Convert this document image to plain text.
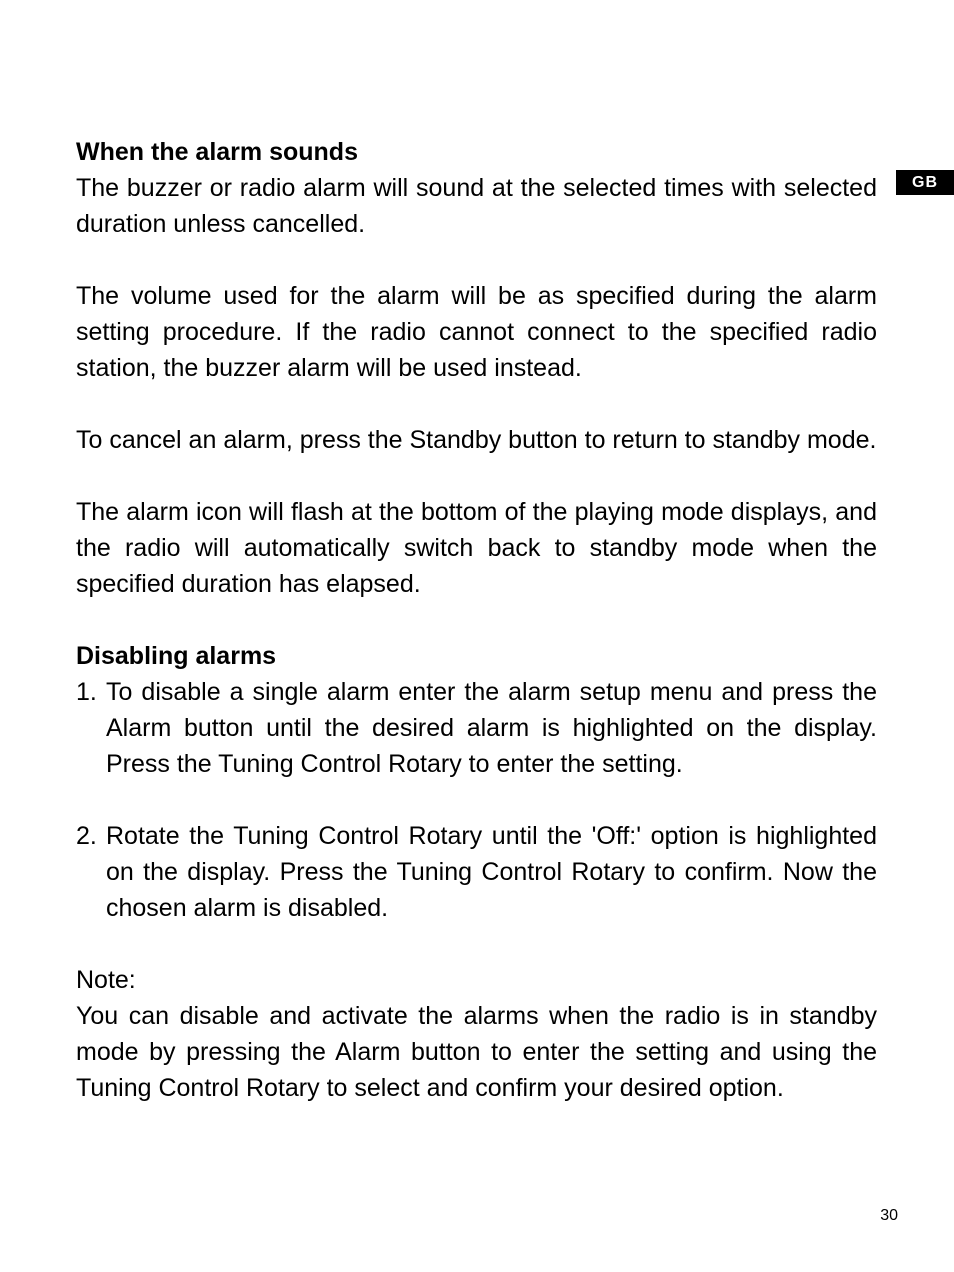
GB

When the alarm sounds

The buzzer or radio alarm will sound at the selected times with selected duration unless cancelled.

The volume used for the alarm will be as specified during the alarm setting procedure. If the radio cannot connect to the specified radio station, the buzzer alarm will be used instead.

To cancel an alarm, press the Standby button to return to standby mode.

The alarm icon will flash at the bottom of the playing mode displays, and the radio will automatically switch back to standby mode when the specified duration has elapsed.

Disabling alarms

1. To disable a single alarm enter the alarm setup menu and press the Alarm button until the desired alarm is highlighted on the display. Press the Tuning Control Rotary to enter the setting.
2. Rotate the Tuning Control Rotary until the 'Off:' option is highlighted on the display. Press the Tuning Control Rotary to confirm. Now the chosen alarm is disabled.

Note:

You can disable and activate the alarms when the radio is in standby mode by pressing the Alarm button to enter the setting and using the Tuning Control Rotary to select and confirm your desired option.

30
